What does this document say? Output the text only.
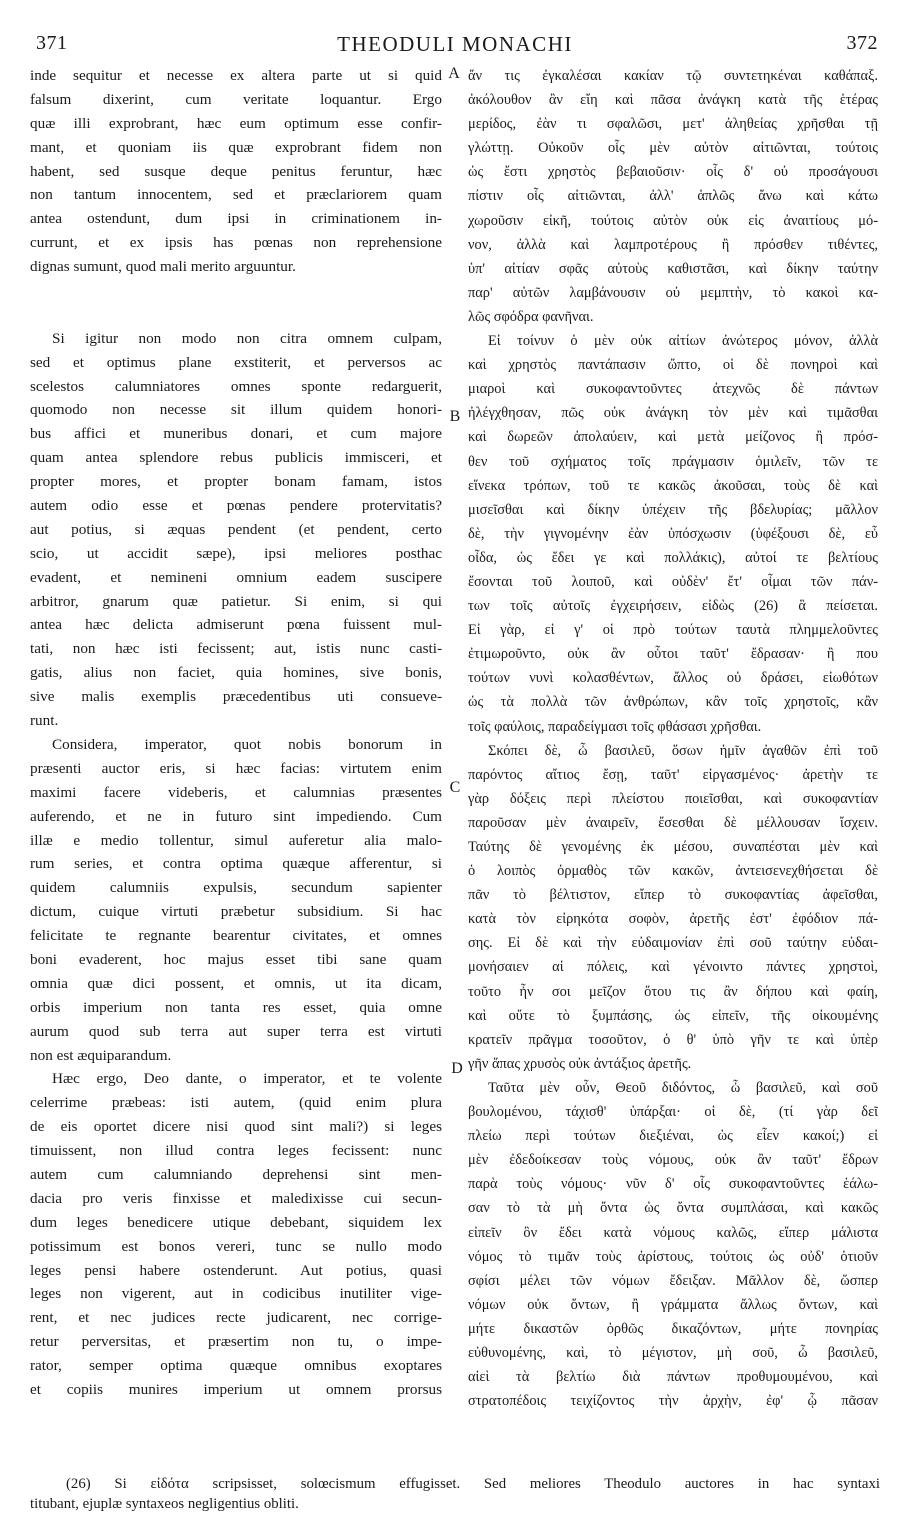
371	THEODULI MONACHI	372
A
B
C
D
inde sequitur et necesse ex altera parte ut si quid
falsum dixerint, cum veritate loquantur. Ergo
quæ illi exprobrant, hæc eum optimum esse confir-
mant, et quoniam iis quæ exprobrant fidem non
habent, sed susque deque penitus feruntur, hæc
non tantum innocentem, sed et præclariorem quam
antea ostendunt, dum ipsi in criminationem in-
currunt, et ex ipsis has pœnas non reprehensione
dignas sumunt, quod mali merito arguuntur.
Si igitur non modo non citra omnem culpam,
sed et optimus plane exstiterit, et perversos ac
scelestos calumniatores omnes sponte redarguerit,
quomodo non necesse sit illum quidem honori-
bus affici et muneribus donari, et cum majore
quam antea splendore rebus publicis immisceri, et
propter mores, et propter bonam famam, istos
autem odio esse et pœnas pendere protervitatis?
aut potius, si æquas pendent (et pendent, certo
scio, ut accidit sæpe), ipsi meliores posthac
evadent, et nemineni omnium eadem suscipere
arbitror, gnarum quæ patietur. Si enim, si qui
antea hæc delicta admiserunt pœna fuissent mul-
tati, non hæc isti fecissent; aut, istis nunc casti-
gatis, alius non faciet, quia homines, sive bonis,
sive malis exemplis præcedentibus uti consueve-
runt.
Considera, imperator, quot nobis bonorum in
præsenti auctor eris, si hæc facias: virtutem enim
maximi facere videberis, et calumnias præsentes
auferendo, et ne in futuro sint impediendo. Cum
illæ e medio tollentur, simul auferetur alia malo-
rum series, et contra optima quæque afferentur, si
quidem calumniis expulsis, secundum sapienter
dictum, cuique virtuti præbetur subsidium. Si hac
felicitate te regnante bearentur civitates, et omnes
boni evaderent, hoc majus esset tibi sane quam
omnia quæ dici possent, et omnis, ut ita dicam,
orbis imperium non tanta res esset, quia omne
aurum quod sub terra aut super terra est virtuti
non est æquiparandum.
Hæc ergo, Deo dante, o imperator, et te volente
celerrime præbeas: isti autem, (quid enim plura
de eis oportet dicere nisi quod sint mali?) si leges
timuissent, non illud contra leges fecissent: nunc
autem cum calumniando deprehensi sint men-
dacia pro veris finxisse et maledixisse cui secun-
dum leges benedicere utique debebant, siquidem lex
potissimum est bonos vereri, tunc se nullo modo
leges pensi habere ostenderunt. Aut potius, quasi
leges non vigerent, aut in codicibus inutiliter vige-
rent, et nec judices recte judicarent, nec corrige-
retur perversitas, et præsertim non tu, o impe-
rator, semper optima quæque omnibus exoptares
et copiis munires imperium ut omnem prorsus
ἄν τις ἐγκαλέσαι κακίαν τῷ συντετηκέναι καθάπαξ.
ἀκόλουθον ἂν εἴη καὶ πᾶσα ἀνάγκη κατὰ τῆς ἑτέρας
μερίδος, ἐὰν τι σφαλῶσι, μετ' ἀληθείας χρῆσθαι τῇ
γλώττῃ. Οὐκοῦν οἷς μὲν αὐτὸν αἰτιῶνται, τούτοις
ὡς ἔστι χρηστὸς βεβαιοῦσιν· οἷς δ' οὐ προσάγουσι
πίστιν οἷς αἰτιῶνται, ἀλλ' ἁπλῶς ἄνω καὶ κάτω
χωροῦσιν εἰκῆ, τούτοις αὐτὸν οὐκ εἰς ἀναιτίους μό-
νον, ἀλλὰ καὶ λαμπροτέρους ἢ πρόσθεν τιθέντες,
ὑπ' αἰτίαν σφᾶς αὐτοὺς καθιστᾶσι, καὶ δίκην ταύτην
παρ' αὐτῶν λαμβάνουσιν οὐ μεμπτὴν, τὸ κακοὶ κα-
λῶς σφόδρα φανῆναι.
Εἰ τοίνυν ὁ μὲν οὐκ αἰτίων ἀνώτερος μόνον, ἀλλὰ
καὶ χρηστὸς παντάπασιν ὤπτο, οἱ δὲ πονηροὶ καὶ
μιαροὶ καὶ συκοφαντοῦντες ἀτεχνῶς δὲ πάντων
ἠλέγχθησαν, πῶς οὐκ ἀνάγκη τὸν μὲν καὶ τιμᾶσθαι
καὶ δωρεῶν ἀπολαύειν, καὶ μετὰ μείζονος ἢ πρόσ-
θεν τοῦ σχήματος τοῖς πράγμασιν ὁμιλεῖν, τῶν τε
εἵνεκα τρόπων, τοῦ τε κακῶς ἀκοῦσαι, τοὺς δὲ καὶ
μισεῖσθαι καὶ δίκην ὑπέχειν τῆς βδελυρίας; μᾶλλον
δὲ, τὴν γιγνομένην ἐὰν ὑπόσχωσιν (ὑφέξουσι δὲ, εὖ
οἶδα, ὡς ἔδει γε καὶ πολλάκις), αὐτοί τε βελτίους
ἔσονται τοῦ λοιποῦ, καὶ οὐδὲν' ἔτ' οἶμαι τῶν πάν-
των τοῖς αὐτοῖς ἐγχειρήσειν, εἰδὼς (26) ἃ πείσεται.
Εἰ γὰρ, εἰ γ' οἱ πρὸ τούτων ταυτὰ πλημμελοῦντες
ἐτιμωροῦντο, οὐκ ἂν οὗτοι ταῦτ' ἔδρασαν· ἢ που
τούτων νυνὶ κολασθέντων, ἄλλος οὐ δράσει, εἰωθότων
ὡς τὰ πολλὰ τῶν ἀνθρώπων, κἂν τοῖς χρηστοῖς, κἂν
τοῖς φαύλοις, παραδείγμασι τοῖς φθάσασι χρῆσθαι.
Σκόπει δὲ, ὦ βασιλεῦ, ὅσων ἡμῖν ἀγαθῶν ἐπὶ τοῦ
παρόντος αἴτιος ἔσῃ, ταῦτ' εἰργασμένος· ἀρετὴν τε
γὰρ δόξεις περὶ πλείστου ποιεῖσθαι, καὶ συκοφαντίαν
παροῦσαν μὲν ἀναιρεῖν, ἔσεσθαι δὲ μέλλουσαν ἴσχειν.
Ταύτης δὲ γενομένης ἐκ μέσου, συναπέσται μὲν καὶ
ὁ λοιπὸς ὁρμαθὸς τῶν κακῶν, ἀντεισενεχθήσεται δὲ
πᾶν τὸ βέλτιστον, εἴπερ τὸ συκοφαντίας ἀφεῖσθαι,
κατὰ τὸν εἰρηκότα σοφὸν, ἀρετῆς ἐστ' ἐφόδιον πά-
σης. Εἰ δὲ καὶ τὴν εὐδαιμονίαν ἐπὶ σοῦ ταύτην εὐδαι-
μονήσαιεν αἱ πόλεις, καὶ γένοιντο πάντες χρηστοὶ,
τοῦτο ἦν σοι μεῖζον ὅτου τις ἂν δήπου καὶ φαίη,
καὶ οὔτε τὸ ξυμπάσης, ὡς εἰπεῖν, τῆς οἰκουμένης
κρατεῖν πρᾶγμα τοσοῦτον, ὁ θ' ὑπὸ γῆν τε καὶ ὑπὲρ
γῆν ἅπας χρυσὸς οὐκ ἀντάξιος ἀρετῆς.
Ταῦτα μὲν οὖν, Θεοῦ διδόντος, ὦ βασιλεῦ, καὶ σοῦ
βουλομένου, τάχισθ' ὑπάρξαι· οἱ δὲ, (τί γὰρ δεῖ
πλείω περὶ τούτων διεξιέναι, ὡς εἶεν κακοί;) εἰ
μὲν ἐδεδοίκεσαν τοὺς νόμους, οὐκ ἂν ταῦτ' ἔδρων
παρὰ τοὺς νόμους· νῦν δ' οἷς συκοφαντοῦντες ἑάλω-
σαν τὸ τὰ μὴ ὄντα ὡς ὄντα συμπλάσαι, καὶ κακῶς
εἰπεῖν ὃν ἔδει κατὰ νόμους καλῶς, εἴπερ μάλιστα
νόμος τὸ τιμᾶν τοὺς ἀρίστους, τούτοις ὡς οὐδ' ὁτιοῦν
σφίσι μέλει τῶν νόμων ἔδειξαν. Μᾶλλον δὲ, ὥσπερ
νόμων οὐκ ὄντων, ἢ γράμματα ἄλλως ὄντων, καὶ
μήτε δικαστῶν ὀρθῶς δικαζόντων, μήτε πονηρίας
εὐθυνομένης, καὶ, τὸ μέγιστον, μὴ σοῦ, ὦ βασιλεῦ,
αἰεὶ τὰ βελτίω διὰ πάντων προθυμουμένου, καὶ
στρατοπέδοις τειχίζοντος τὴν ἀρχὴν, ἐφ' ᾧ πᾶσαν
(26) Si εἰδότα scripsisset, solœcismum effugisset. Sed meliores Theodulo auctores in hac syntaxi
titubant, ejuplæ syntaxeos negligentius obliti.
